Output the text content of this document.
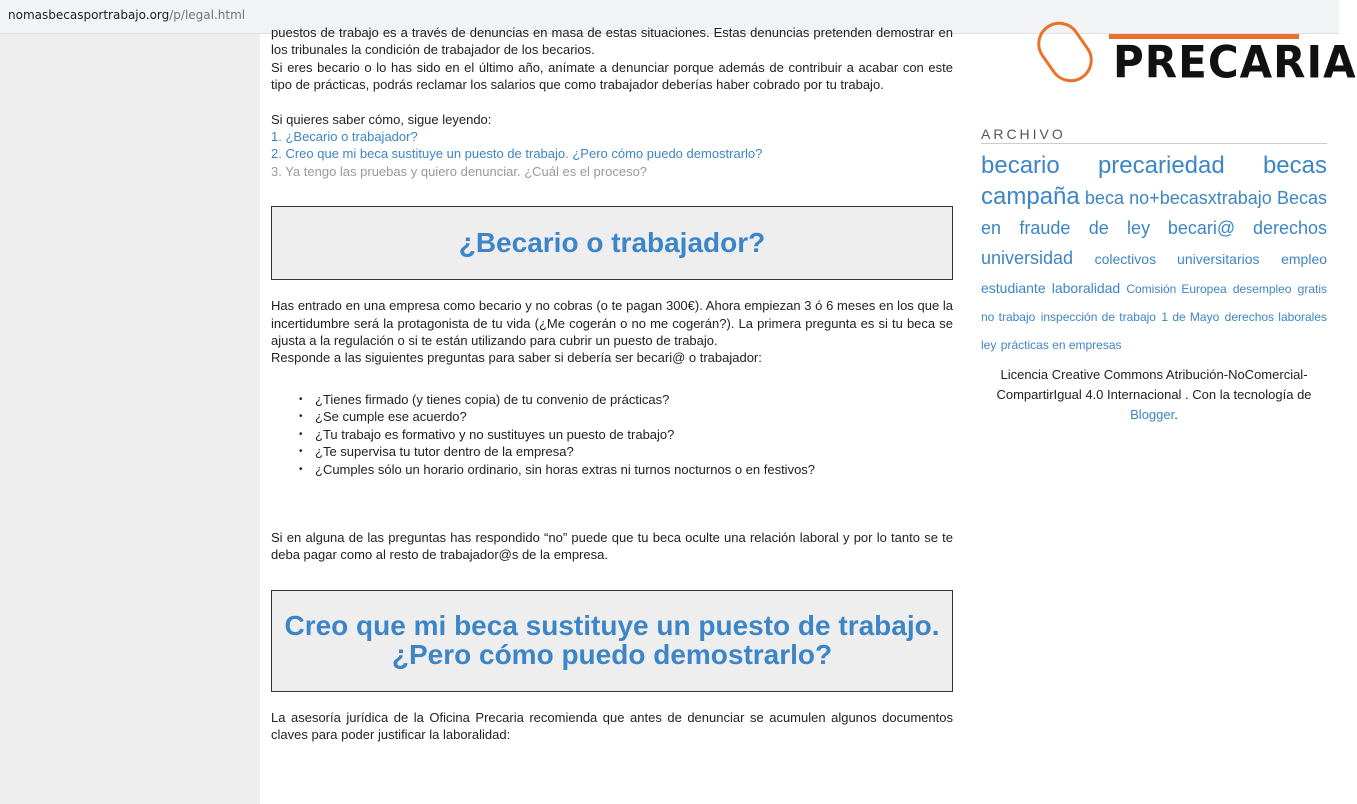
nomasbecasportrabajo.org/p/legal.html

puestos de trabajo es a través de denuncias en masa de estas situaciones. Estas denuncias pretenden demostrar en los tribunales la condición de trabajador de los becarios.

Si eres becario o lo has sido en el último año, anímate a denunciar porque además de contribuir a acabar con este tipo de prácticas, podrás reclamar los salarios que como trabajador deberías haber cobrado por tu trabajo.

Si quieres saber cómo, sigue leyendo:

1. ¿Becario o trabajador?

2. Creo que mi beca sustituye un puesto de trabajo. ¿Pero cómo puedo demostrarlo?

3. Ya tengo las pruebas y quiero denunciar. ¿Cuál es el proceso?

¿Becario o trabajador?

Has entrado en una empresa como becario y no cobras (o te pagan 300€). Ahora empiezan 3 ó 6 meses en los que la incertidumbre será la protagonista de tu vida (¿Me cogerán o no me cogerán?). La primera pregunta es si tu beca se ajusta a la regulación o si te están utilizando para cubrir un puesto de trabajo.

Responde a las siguientes preguntas para saber si debería ser becari@ o trabajador:

• ¿Tienes firmado (y tienes copia) de tu convenio de prácticas?
• ¿Se cumple ese acuerdo?
• ¿Tu trabajo es formativo y no sustituyes un puesto de trabajo?
• ¿Te supervisa tu tutor dentro de la empresa?
• ¿Cumples sólo un horario ordinario, sin horas extras ni turnos nocturnos o en festivos?

Si en alguna de las preguntas has respondido “no” puede que tu beca oculte una relación laboral y por lo tanto se te deba pagar como al resto de trabajador@s de la empresa.

Creo que mi beca sustituye un puesto de trabajo. ¿Pero cómo puedo demostrarlo?

La asesoría jurídica de la Oficina Precaria recomienda que antes de denunciar se acumulen algunos documentos claves para poder justificar la laboralidad:

PRECARIA
ARCHIVO
becario precariedad becas campaña beca no+becasxtrabajo Becas en fraude de ley becari@ derechos universidad colectivos universitarios empleo estudiante laboralidad Comisión Europea desempleo gratis no trabajo inspección de trabajo 1 de Mayo derechos laborales ley prácticas en empresas
Licencia Creative Commons Atribución-NoComercial-CompartirIgual 4.0 Internacional . Con la tecnología de Blogger.
